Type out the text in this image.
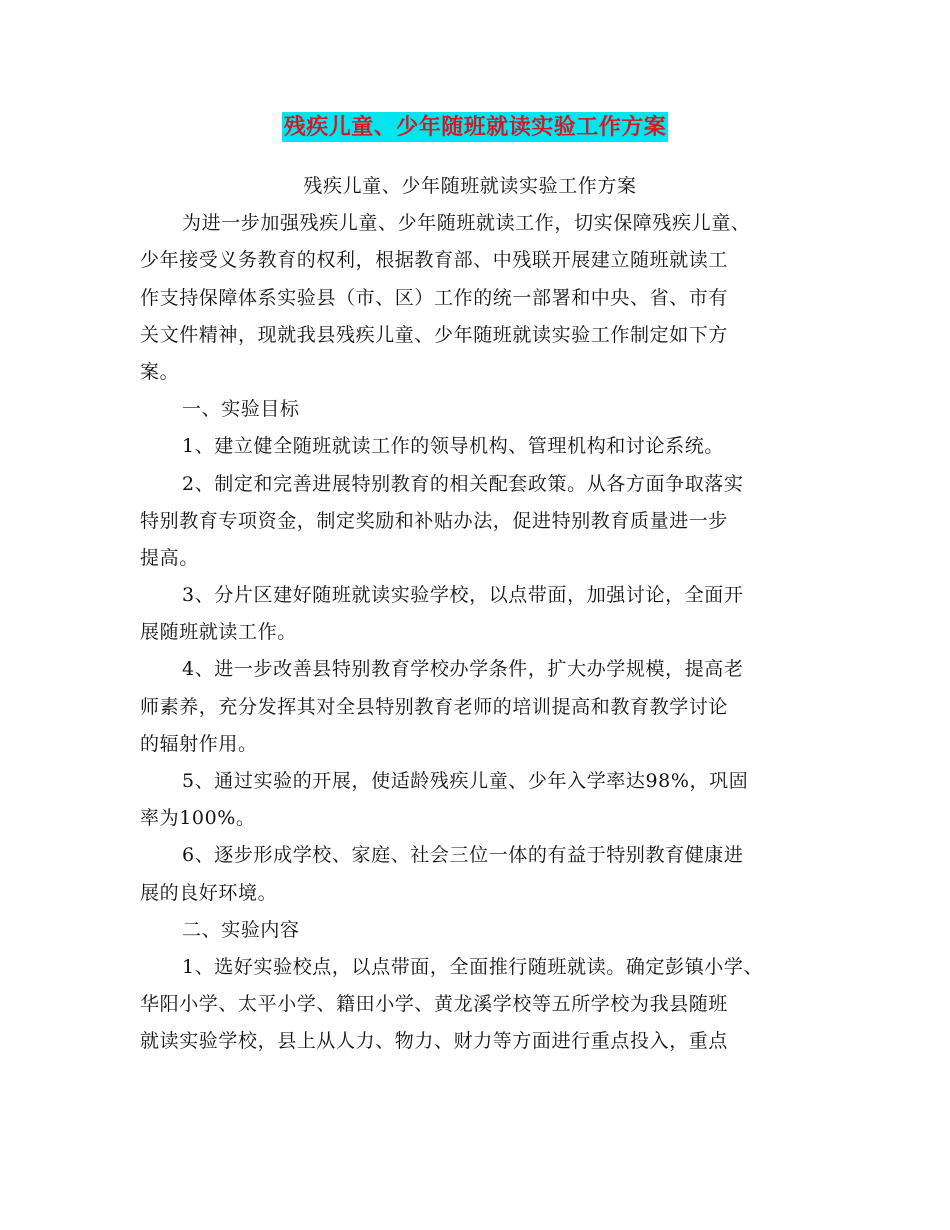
残疾儿童、少年随班就读实验工作方案
残疾儿童、少年随班就读实验工作方案
为进一步加强残疾儿童、少年随班就读工作，切实保障残疾儿童、
少年接受义务教育的权利，根据教育部、中残联开展建立随班就读工
作支持保障体系实验县（市、区）工作的统一部署和中央、省、市有
关文件精神，现就我县残疾儿童、少年随班就读实验工作制定如下方
案。
一、实验目标
1、建立健全随班就读工作的领导机构、管理机构和讨论系统。
2、制定和完善进展特别教育的相关配套政策。从各方面争取落实
特别教育专项资金，制定奖励和补贴办法，促进特别教育质量进一步
提高。
3、分片区建好随班就读实验学校，以点带面，加强讨论，全面开
展随班就读工作。
4、进一步改善县特别教育学校办学条件，扩大办学规模，提高老
师素养，充分发挥其对全县特别教育老师的培训提高和教育教学讨论
的辐射作用。
5、通过实验的开展，使适龄残疾儿童、少年入学率达98%，巩固
率为100%。
6、逐步形成学校、家庭、社会三位一体的有益于特别教育健康进
展的良好环境。
二、实验内容
1、选好实验校点，以点带面，全面推行随班就读。确定彭镇小学、
华阳小学、太平小学、籍田小学、黄龙溪学校等五所学校为我县随班
就读实验学校，县上从人力、物力、财力等方面进行重点投入，重点
